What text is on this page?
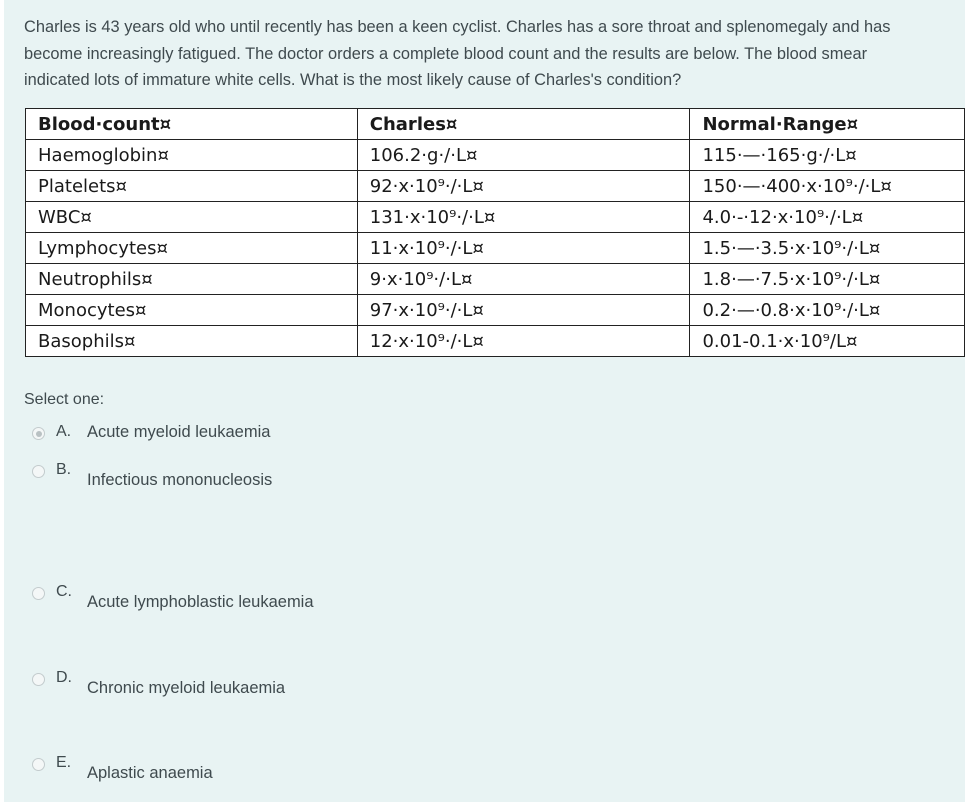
Charles is 43 years old who until recently has been a keen cyclist. Charles has a sore throat and splenomegaly and has
become increasingly fatigued. The doctor orders a complete blood count and the results are below. The blood smear
indicated lots of immature white cells. What is the most likely cause of Charles's condition?
Blood·count¤	Charles¤	Normal·Range¤
Haemoglobin¤	106.2·g·/·L¤	115·—·165·g·/·L¤
Platelets¤	92·x·10⁹·/·L¤	150·—·400·x·10⁹·/·L¤
WBC¤	131·x·10⁹·/·L¤	4.0·-·12·x·10⁹·/·L¤
Lymphocytes¤	11·x·10⁹·/·L¤	1.5·—·3.5·x·10⁹·/·L¤
Neutrophils¤	9·x·10⁹·/·L¤	1.8·—·7.5·x·10⁹·/·L¤
Monocytes¤	97·x·10⁹·/·L¤	0.2·—·0.8·x·10⁹·/·L¤
Basophils¤	12·x·10⁹·/·L¤	0.01-0.1·x·10⁹/L¤
Select one:
A. Acute myeloid leukaemia
B.
Infectious mononucleosis
C.
Acute lymphoblastic leukaemia
D.
Chronic myeloid leukaemia
E.
Aplastic anaemia
